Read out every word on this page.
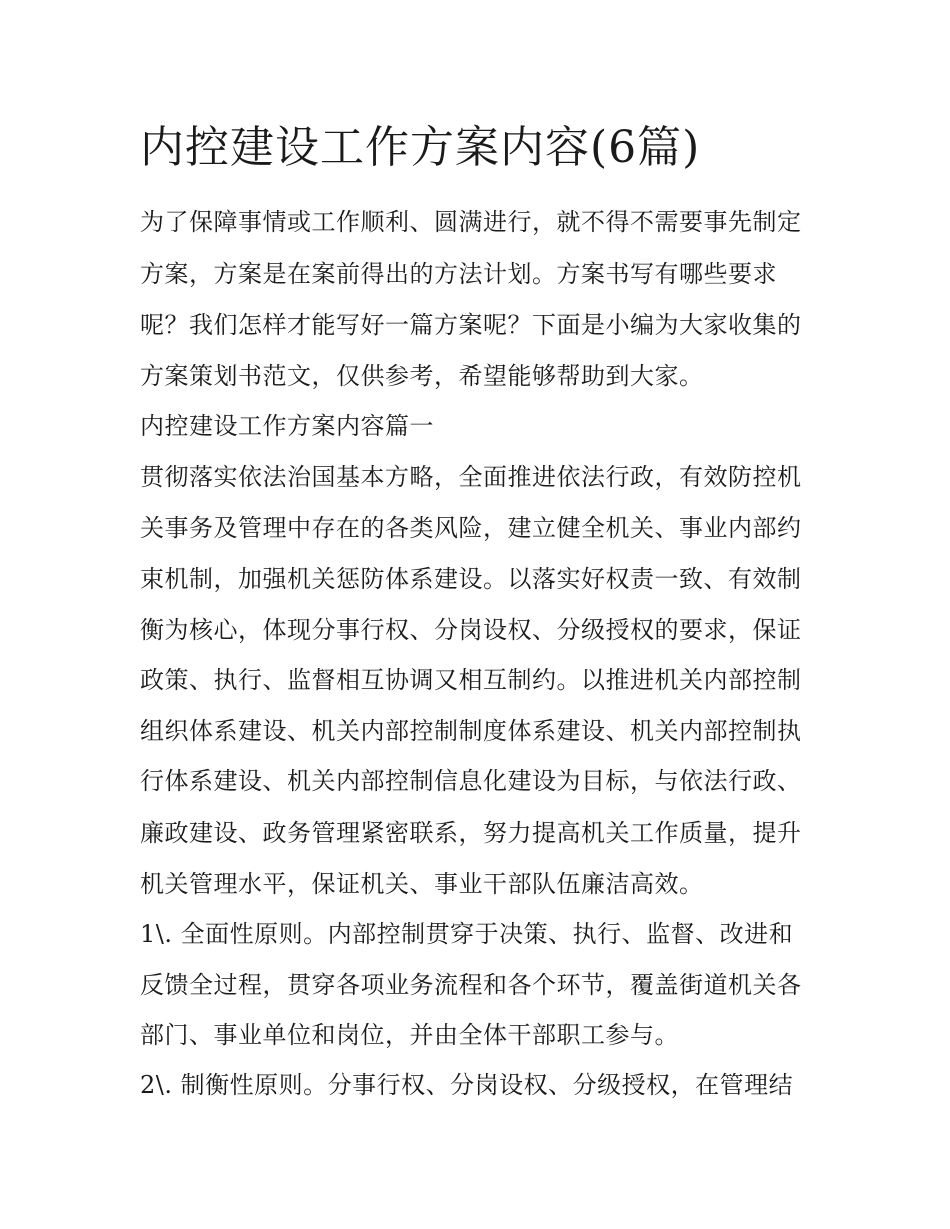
内控建设工作方案内容(6篇)

为了保障事情或工作顺利、圆满进行，就不得不需要事先制定

方案，方案是在案前得出的方法计划。方案书写有哪些要求

呢？我们怎样才能写好一篇方案呢？下面是小编为大家收集的

方案策划书范文，仅供参考，希望能够帮助到大家。

内控建设工作方案内容篇一

贯彻落实依法治国基本方略，全面推进依法行政，有效防控机

关事务及管理中存在的各类风险，建立健全机关、事业内部约

束机制，加强机关惩防体系建设。以落实好权责一致、有效制

衡为核心，体现分事行权、分岗设权、分级授权的要求，保证

政策、执行、监督相互协调又相互制约。以推进机关内部控制

组织体系建设、机关内部控制制度体系建设、机关内部控制执

行体系建设、机关内部控制信息化建设为目标，与依法行政、

廉政建设、政务管理紧密联系，努力提高机关工作质量，提升

机关管理水平，保证机关、事业干部队伍廉洁高效。

1\. 全面性原则。内部控制贯穿于决策、执行、监督、改进和

反馈全过程，贯穿各项业务流程和各个环节，覆盖街道机关各

部门、事业单位和岗位，并由全体干部职工参与。

2\. 制衡性原则。分事行权、分岗设权、分级授权，在管理结
